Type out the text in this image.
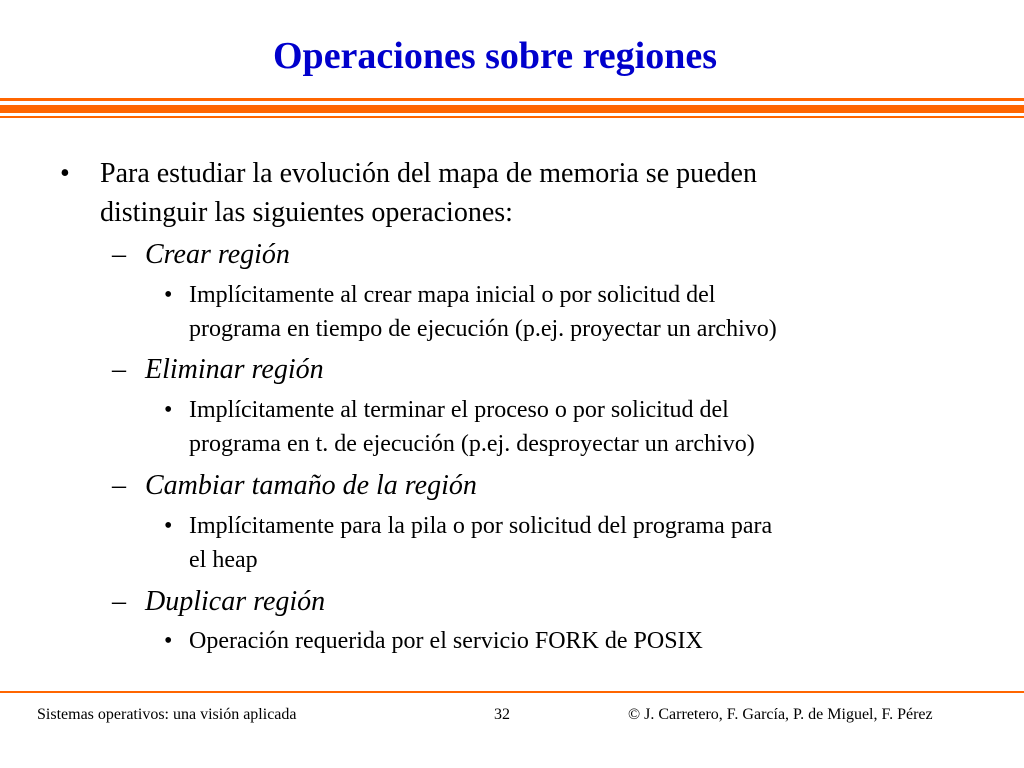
Operaciones sobre regiones
• Para estudiar la evolución del mapa de memoria se pueden
distinguir las siguientes operaciones:
– Crear región
• Implícitamente al crear mapa inicial o por solicitud del
programa en tiempo de ejecución (p.ej. proyectar un archivo)
– Eliminar región
• Implícitamente al terminar el proceso o por solicitud del
programa en t. de ejecución (p.ej. desproyectar un archivo)
– Cambiar tamaño de la región
• Implícitamente para la pila o por solicitud del programa para
el heap
– Duplicar región
• Operación requerida por el servicio FORK de POSIX
Sistemas operativos: una visión aplicada	32	© J. Carretero, F. García, P. de Miguel, F. Pérez
